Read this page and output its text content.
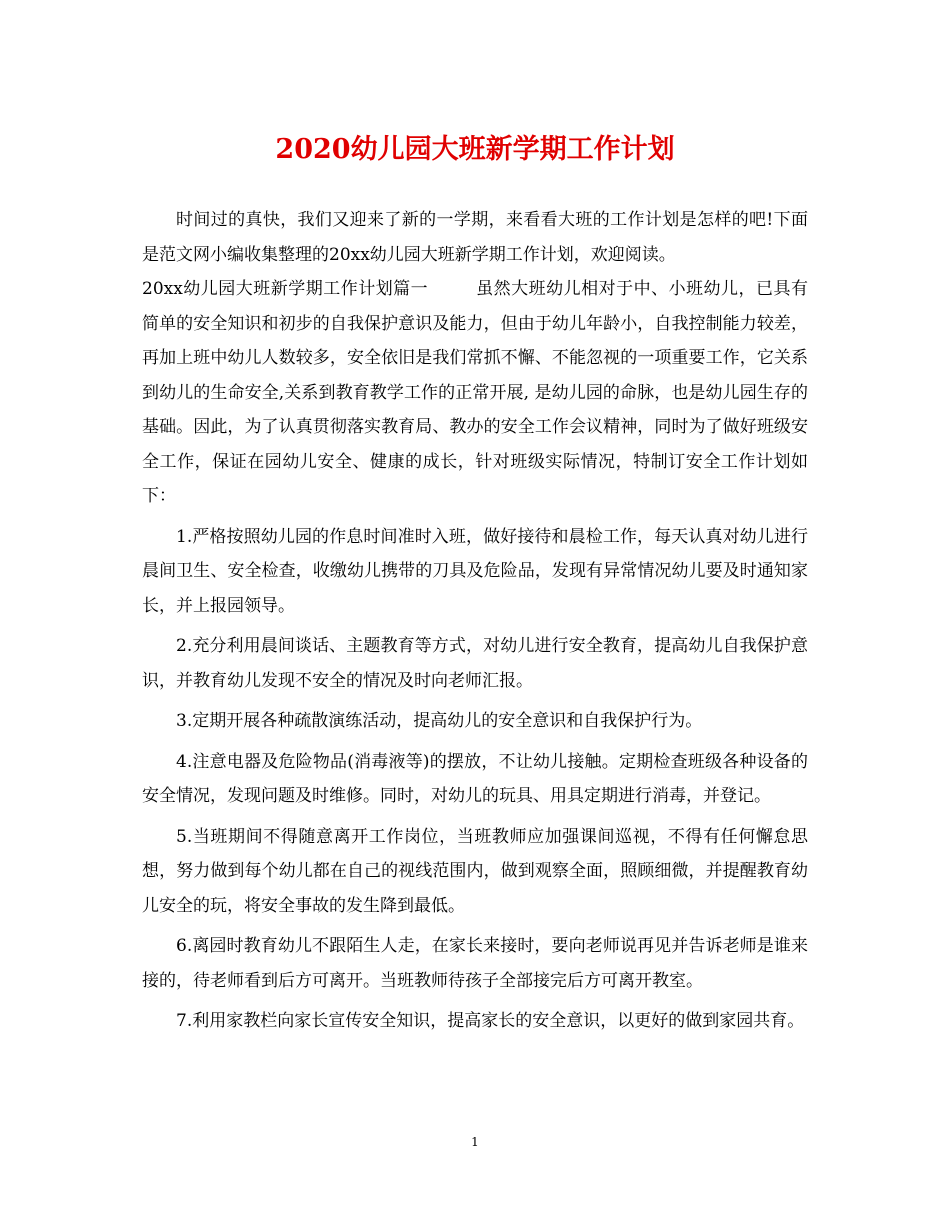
2020幼儿园大班新学期工作计划

时间过的真快，我们又迎来了新的一学期，来看看大班的工作计划是怎样的吧!下面是范文网小编收集整理的20xx幼儿园大班新学期工作计划，欢迎阅读。

20xx幼儿园大班新学期工作计划篇一	虽然大班幼儿相对于中、小班幼儿，已具有简单的安全知识和初步的自我保护意识及能力，但由于幼儿年龄小，自我控制能力较差，再加上班中幼儿人数较多，安全依旧是我们常抓不懈、不能忽视的一项重要工作，它关系到幼儿的生命安全,关系到教育教学工作的正常开展, 是幼儿园的命脉，也是幼儿园生存的基础。因此，为了认真贯彻落实教育局、教办的安全工作会议精神，同时为了做好班级安全工作，保证在园幼儿安全、健康的成长，针对班级实际情况，特制订安全工作计划如下：

1.严格按照幼儿园的作息时间准时入班，做好接待和晨检工作，每天认真对幼儿进行晨间卫生、安全检查，收缴幼儿携带的刀具及危险品，发现有异常情况幼儿要及时通知家长，并上报园领导。

2.充分利用晨间谈话、主题教育等方式，对幼儿进行安全教育，提高幼儿自我保护意识，并教育幼儿发现不安全的情况及时向老师汇报。

3.定期开展各种疏散演练活动，提高幼儿的安全意识和自我保护行为。

4.注意电器及危险物品(消毒液等)的摆放，不让幼儿接触。定期检查班级各种设备的安全情况，发现问题及时维修。同时，对幼儿的玩具、用具定期进行消毒，并登记。

5.当班期间不得随意离开工作岗位，当班教师应加强课间巡视，不得有任何懈怠思想，努力做到每个幼儿都在自己的视线范围内，做到观察全面，照顾细微，并提醒教育幼儿安全的玩，将安全事故的发生降到最低。

6.离园时教育幼儿不跟陌生人走，在家长来接时，要向老师说再见并告诉老师是谁来接的，待老师看到后方可离开。当班教师待孩子全部接完后方可离开教室。

7.利用家教栏向家长宣传安全知识，提高家长的安全意识，以更好的做到家园共育。

1
